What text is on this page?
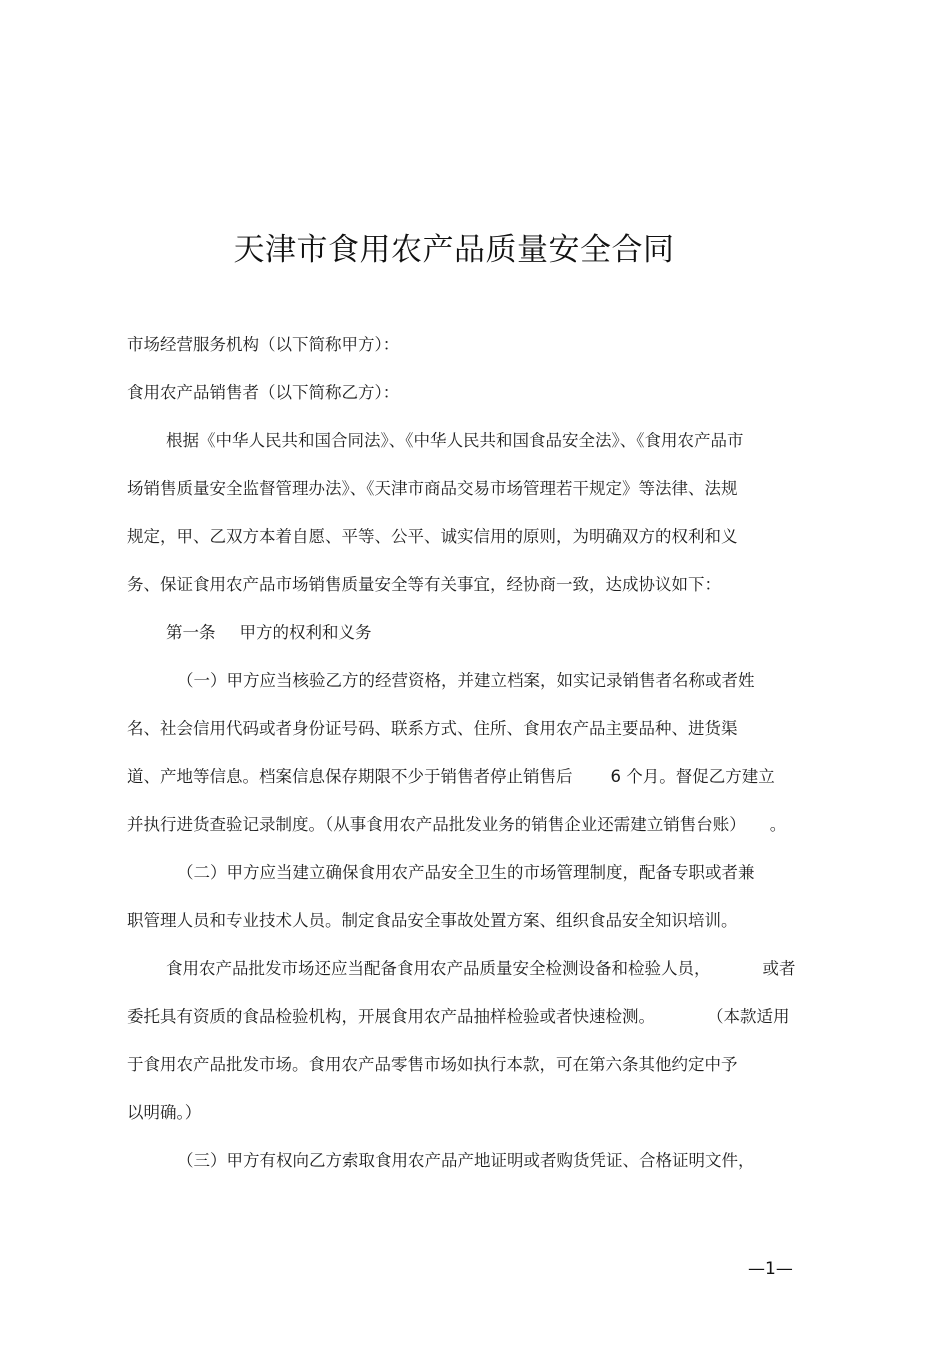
天津市食用农产品质量安全合同
市场经营服务机构（以下简称甲方）：
食用农产品销售者（以下简称乙方）：
根据《中华人民共和国合同法》、《中华人民共和国食品安全法》、《食用农产品市
场销售质量安全监督管理办法》、《天津市商品交易市场管理若干规定》等法律、法规
规定，甲、乙双方本着自愿、平等、公平、诚实信用的原则，为明确双方的权利和义
务、保证食用农产品市场销售质量安全等有关事宜，经协商一致，达成协议如下：
第一条 甲方的权利和义务
（一）甲方应当核验乙方的经营资格，并建立档案，如实记录销售者名称或者姓
名、社会信用代码或者身份证号码、联系方式、住所、食用农产品主要品种、进货渠
道、产地等信息。档案信息保存期限不少于销售者停止销售后 6 个月。督促乙方建立
并执行进货查验记录制度。（从事食用农产品批发业务的销售企业还需建立销售台账） 。
（二）甲方应当建立确保食用农产品安全卫生的市场管理制度，配备专职或者兼
职管理人员和专业技术人员。制定食品安全事故处置方案、组织食品安全知识培训。
食用农产品批发市场还应当配备食用农产品质量安全检测设备和检验人员，	或者
委托具有资质的食品检验机构，开展食用农产品抽样检验或者快速检测。	（本款适用
于食用农产品批发市场。食用农产品零售市场如执行本款，可在第六条其他约定中予
以明确。）
（三）甲方有权向乙方索取食用农产品产地证明或者购货凭证、合格证明文件，
—1—
